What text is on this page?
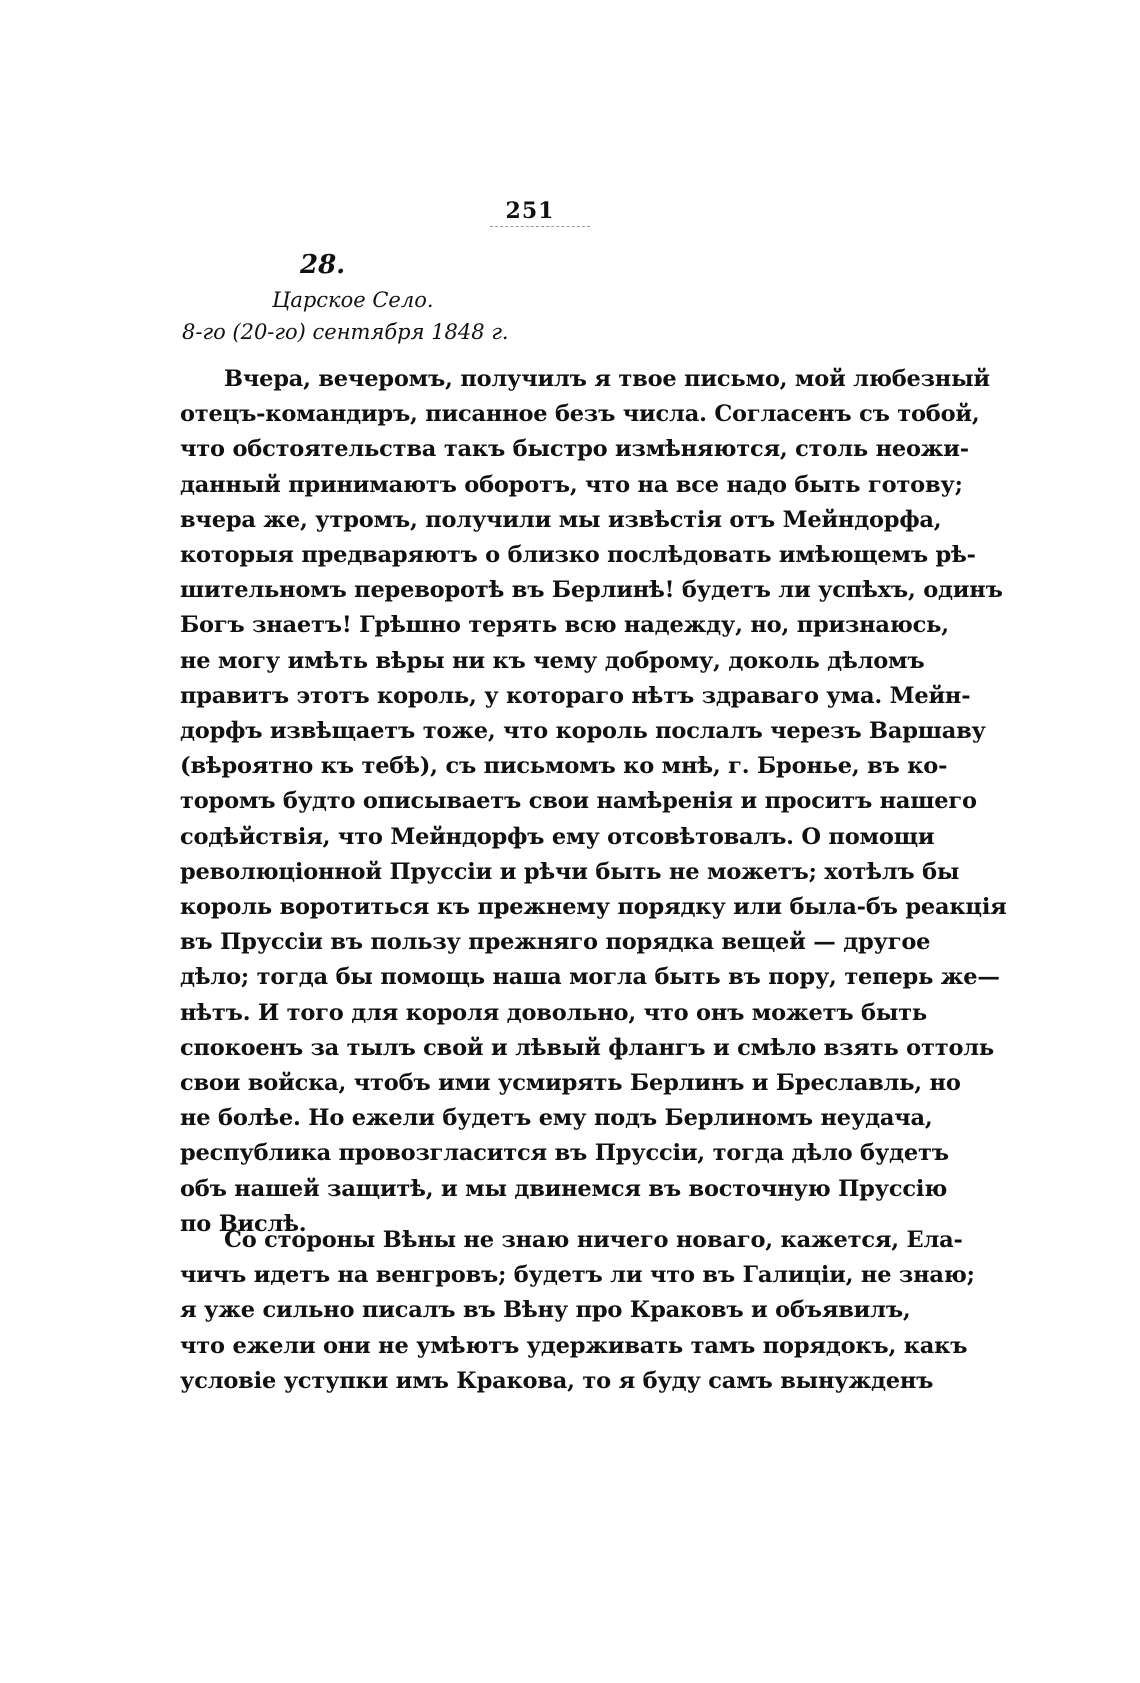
251
28.
Царское Село.
8-го (20-го) сентября 1848 г.
Вчера, вечеромъ, получилъ я твое письмо, мой любезный
отецъ-командиръ, писанное безъ числа. Согласенъ съ тобой,
что обстоятельства такъ быстро измѣняются, столь неожи-
данный принимаютъ оборотъ, что на все надо быть готову;
вчера же, утромъ, получили мы извѣстія отъ Мейндорфа,
которыя предваряютъ о близко послѣдовать имѣющемъ рѣ-
шительномъ переворотѣ въ Берлинѣ! будетъ ли успѣхъ, одинъ
Богъ знаетъ! Грѣшно терять всю надежду, но, признаюсь,
не могу имѣть вѣры ни къ чему доброму, доколь дѣломъ
правитъ этотъ король, у котораго нѣтъ здраваго ума. Мейн-
дорфъ извѣщаетъ тоже, что король послалъ черезъ Варшаву
(вѣроятно къ тебѣ), съ письмомъ ко мнѣ, г. Бронье, въ ко-
торомъ будто описываетъ свои намѣренія и проситъ нашего
содѣйствія, что Мейндорфъ ему отсовѣтовалъ. О помощи
революціонной Пруссіи и рѣчи быть не можетъ; хотѣлъ бы
король воротиться къ прежнему порядку или была-бъ реакція
въ Пруссіи въ пользу прежняго порядка вещей — другое
дѣло; тогда бы помощь наша могла быть въ пору, теперь же—
нѣтъ. И того для короля довольно, что онъ можетъ быть
спокоенъ за тылъ свой и лѣвый флангъ и смѣло взять оттоль
свои войска, чтобъ ими усмирять Берлинъ и Бреславль, но
не болѣе. Но ежели будетъ ему подъ Берлиномъ неудача,
республика провозгласится въ Пруссіи, тогда дѣло будетъ
объ нашей защитѣ, и мы двинемся въ восточную Пруссію
по Вислѣ.
Со стороны Вѣны не знаю ничего новаго, кажется, Ела-
чичъ идетъ на венгровъ; будетъ ли что въ Галиціи, не знаю;
я уже сильно писалъ въ Вѣну про Краковъ и объявилъ,
что ежели они не умѣютъ удерживать тамъ порядокъ, какъ
условіе уступки имъ Кракова, то я буду самъ вынужденъ
